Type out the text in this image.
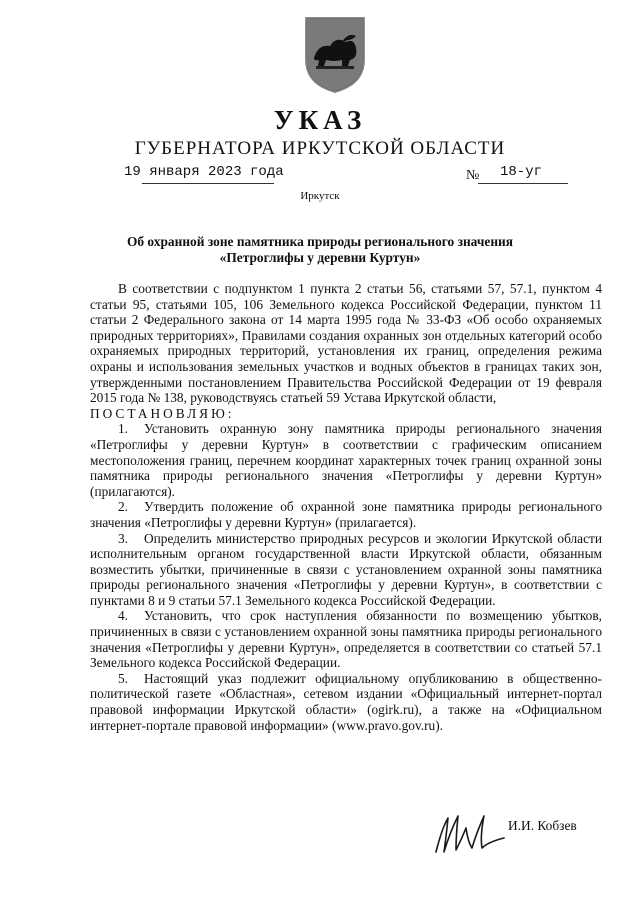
УКАЗ
ГУБЕРНАТОРА ИРКУТСКОЙ ОБЛАСТИ
19 января 2023 года	№ 18-уг
Иркутск
Об охранной зоне памятника природы регионального значения
«Петроглифы у деревни Куртун»

В соответствии с подпунктом 1 пункта 2 статьи 56, статьями 57, 57.1, пунктом 4 статьи 95, статьями 105, 106 Земельного кодекса Российской Федерации, пунктом 11 статьи 2 Федерального закона от 14 марта 1995 года № 33-ФЗ «Об особо охраняемых природных территориях», Правилами создания охранных зон отдельных категорий особо охраняемых природных территорий, установления их границ, определения режима охраны и использования земельных участков и водных объектов в границах таких зон, утвержденными постановлением Правительства Российской Федерации от 19 февраля 2015 года № 138, руководствуясь статьей 59 Устава Иркутской области,

ПОСТАНОВЛЯЮ:

1. Установить охранную зону памятника природы регионального значения «Петроглифы у деревни Куртун» в соответствии с графическим описанием местоположения границ, перечнем координат характерных точек границ охранной зоны памятника природы регионального значения «Петроглифы у деревни Куртун» (прилагаются).

2. Утвердить положение об охранной зоне памятника природы регионального значения «Петроглифы у деревни Куртун» (прилагается).

3. Определить министерство природных ресурсов и экологии Иркутской области исполнительным органом государственной власти Иркутской области, обязанным возместить убытки, причиненные в связи с установлением охранной зоны памятника природы регионального значения «Петроглифы у деревни Куртун», в соответствии с пунктами 8 и 9 статьи 57.1 Земельного кодекса Российской Федерации.

4. Установить, что срок наступления обязанности по возмещению убытков, причиненных в связи с установлением охранной зоны памятника природы регионального значения «Петроглифы у деревни Куртун», определяется в соответствии со статьей 57.1 Земельного кодекса Российской Федерации.

5. Настоящий указ подлежит официальному опубликованию в общественно-политической газете «Областная», сетевом издании «Официальный интернет-портал правовой информации Иркутской области» (ogirk.ru), а также на «Официальном интернет-портале правовой информации» (www.pravo.gov.ru).

И.И. Кобзев
